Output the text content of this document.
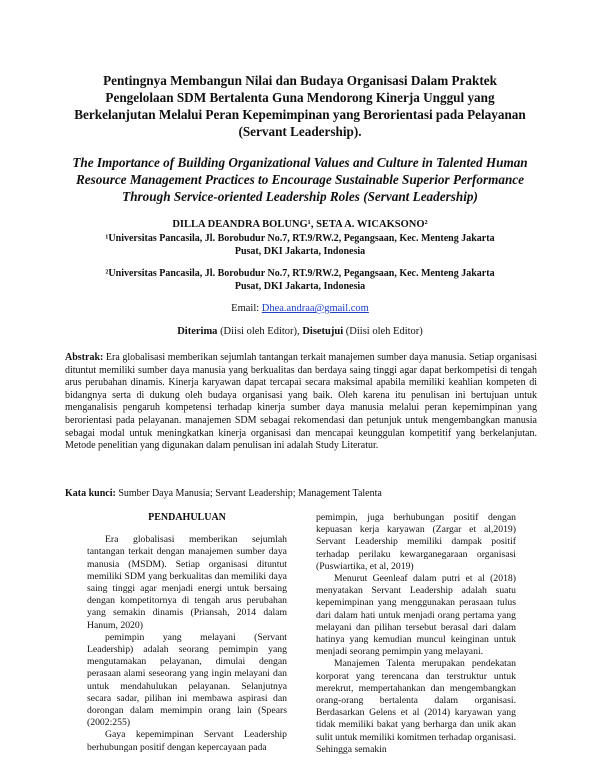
Pentingnya Membangun Nilai dan Budaya Organisasi Dalam Praktek Pengelolaan SDM Bertalenta Guna Mendorong Kinerja Unggul yang Berkelanjutan Melalui Peran Kepemimpinan yang Berorientasi pada Pelayanan (Servant Leadership).
The Importance of Building Organizational Values and Culture in Talented Human Resource Management Practices to Encourage Sustainable Superior Performance Through Service-oriented Leadership Roles (Servant Leadership)
DILLA DEANDRA BOLUNG¹, SETA A. WICAKSONO²
¹Universitas Pancasila, Jl. Borobudur No.7, RT.9/RW.2, Pegangsaan, Kec. Menteng Jakarta Pusat, DKI Jakarta, Indonesia
²Universitas Pancasila, Jl. Borobudur No.7, RT.9/RW.2, Pegangsaan, Kec. Menteng Jakarta Pusat, DKI Jakarta, Indonesia
Email: Dhea.andraa@gmail.com
Diterima (Diisi oleh Editor), Disetujui (Diisi oleh Editor)

Abstrak: Era globalisasi memberikan sejumlah tantangan terkait manajemen sumber daya manusia. Setiap organisasi dituntut memiliki sumber daya manusia yang berkualitas dan berdaya saing tinggi agar dapat berkompetisi di tengah arus perubahan dinamis. Kinerja karyawan dapat tercapai secara maksimal apabila memiliki keahlian kompeten di bidangnya serta di dukung oleh budaya organisasi yang baik. Oleh karena itu penulisan ini bertujuan untuk menganalisis pengaruh kompetensi terhadap kinerja sumber daya manusia melalui peran kepemimpinan yang berorientasi pada pelayanan. manajemen SDM sebagai rekomendasi dan petunjuk untuk mengembangkan manusia sebagai modal untuk meningkatkan kinerja organisasi dan mencapai keunggulan kompetitif yang berkelanjutan. Metode penelitian yang digunakan dalam penulisan ini adalah Study Literatur.

Kata kunci: Sumber Daya Manusia; Servant Leadership; Management Talenta
PENDAHULUAN

Era globalisasi memberikan sejumlah tantangan terkait dengan manajemen sumber daya manusia (MSDM). Setiap organisasi dituntut memiliki SDM yang berkualitas dan memiliki daya saing tinggi agar menjadi energi untuk bersaing dengan kompetitornya di tengah arus perubahan yang semakin dinamis (Priansah, 2014 dalam Hanum, 2020)

pemimpin yang melayani (Servant Leadership) adalah seorang pemimpin yang mengutamakan pelayanan, dimulai dengan perasaan alami seseorang yang ingin melayani dan untuk mendahulukan pelayanan. Selanjutnya secara sadar, pilihan ini membawa aspirasi dan dorongan dalam memimpin orang lain (Spears (2002:255)

Gaya kepemimpinan Servant Leadership berhubungan positif dengan kepercayaan pada

pemimpin, juga berhubungan positif dengan kepuasan kerja karyawan (Zargar et al,2019) Servant Leadership memiliki dampak positif terhadap perilaku kewarganegaraan organisasi (Puswiartika, et al, 2019)

Menurut Geenleaf dalam putri et al (2018) menyatakan Servant Leadership adalah suatu kepemimpinan yang menggunakan perasaan tulus dari dalam hati untuk menjadi orang pertama yang melayani dan pilihan tersebut berasal dari dalam hatinya yang kemudian muncul keinginan untuk menjadi seorang pemimpin yang melayani.

Manajemen Talenta merupakan pendekatan korporat yang terencana dan terstruktur untuk merekrut, mempertahankan dan mengembangkan orang-orang bertalenta dalam organisasi. Berdasarkan Gelens et al (2014) karyawan yang tidak memiliki bakat yang berharga dan unik akan sulit untuk memiliki komitmen terhadap organisasi. Sehingga semakin
